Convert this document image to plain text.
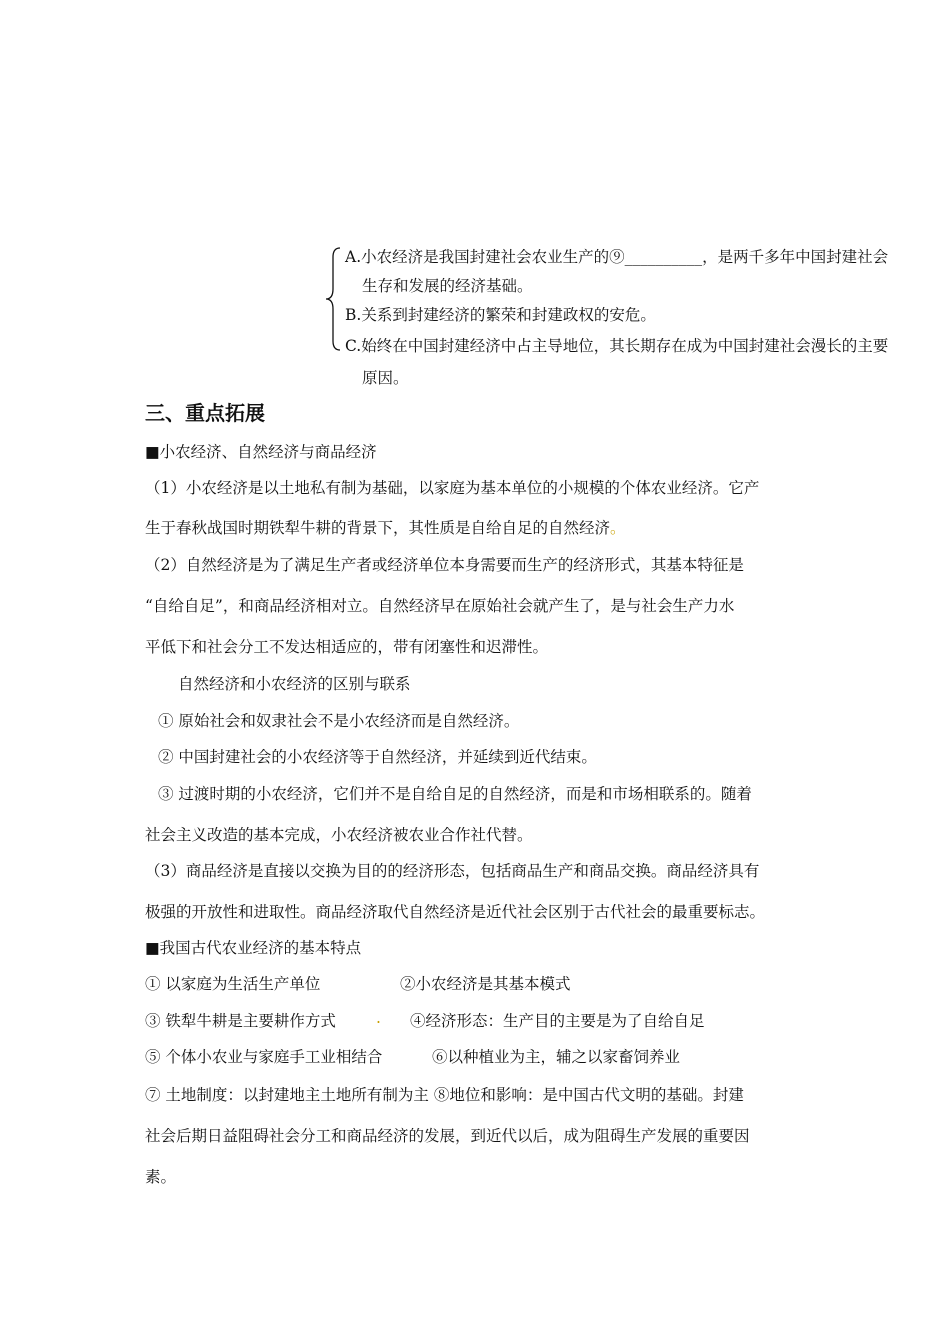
A.小农经济是我国封建社会农业生产的⑨__________，是两千多年中国封建社会
生存和发展的经济基础。
B.关系到封建经济的繁荣和封建政权的安危。
C.始终在中国封建经济中占主导地位，其长期存在成为中国封建社会漫长的主要
原因。
三、重点拓展
■小农经济、自然经济与商品经济
（1）小农经济是以土地私有制为基础，以家庭为基本单位的小规模的个体农业经济。它产
生于春秋战国时期铁犁牛耕的背景下，其性质是自给自足的自然经济。
（2）自然经济是为了满足生产者或经济单位本身需要而生产的经济形式，其基本特征是
“自给自足”，和商品经济相对立。自然经济早在原始社会就产生了，是与社会生产力水
平低下和社会分工不发达相适应的，带有闭塞性和迟滞性。
自然经济和小农经济的区别与联系
① 原始社会和奴隶社会不是小农经济而是自然经济。
② 中国封建社会的小农经济等于自然经济，并延续到近代结束。
③ 过渡时期的小农经济，它们并不是自给自足的自然经济，而是和市场相联系的。随着
社会主义改造的基本完成，小农经济被农业合作社代替。
（3）商品经济是直接以交换为目的的经济形态，包括商品生产和商品交换。商品经济具有
极强的开放性和进取性。商品经济取代自然经济是近代社会区别于古代社会的最重要标志。
■我国古代农业经济的基本特点
① 以家庭为生活生产单位	②小农经济是其基本模式
③ 铁犁牛耕是主要耕作方式	. ④经济形态：生产目的主要是为了自给自足
⑤ 个体小农业与家庭手工业相结合	⑥以种植业为主，辅之以家畜饲养业
⑦ 土地制度：以封建地主土地所有制为主 ⑧地位和影响：是中国古代文明的基础。封建
社会后期日益阻碍社会分工和商品经济的发展，到近代以后，成为阻碍生产发展的重要因
素。
